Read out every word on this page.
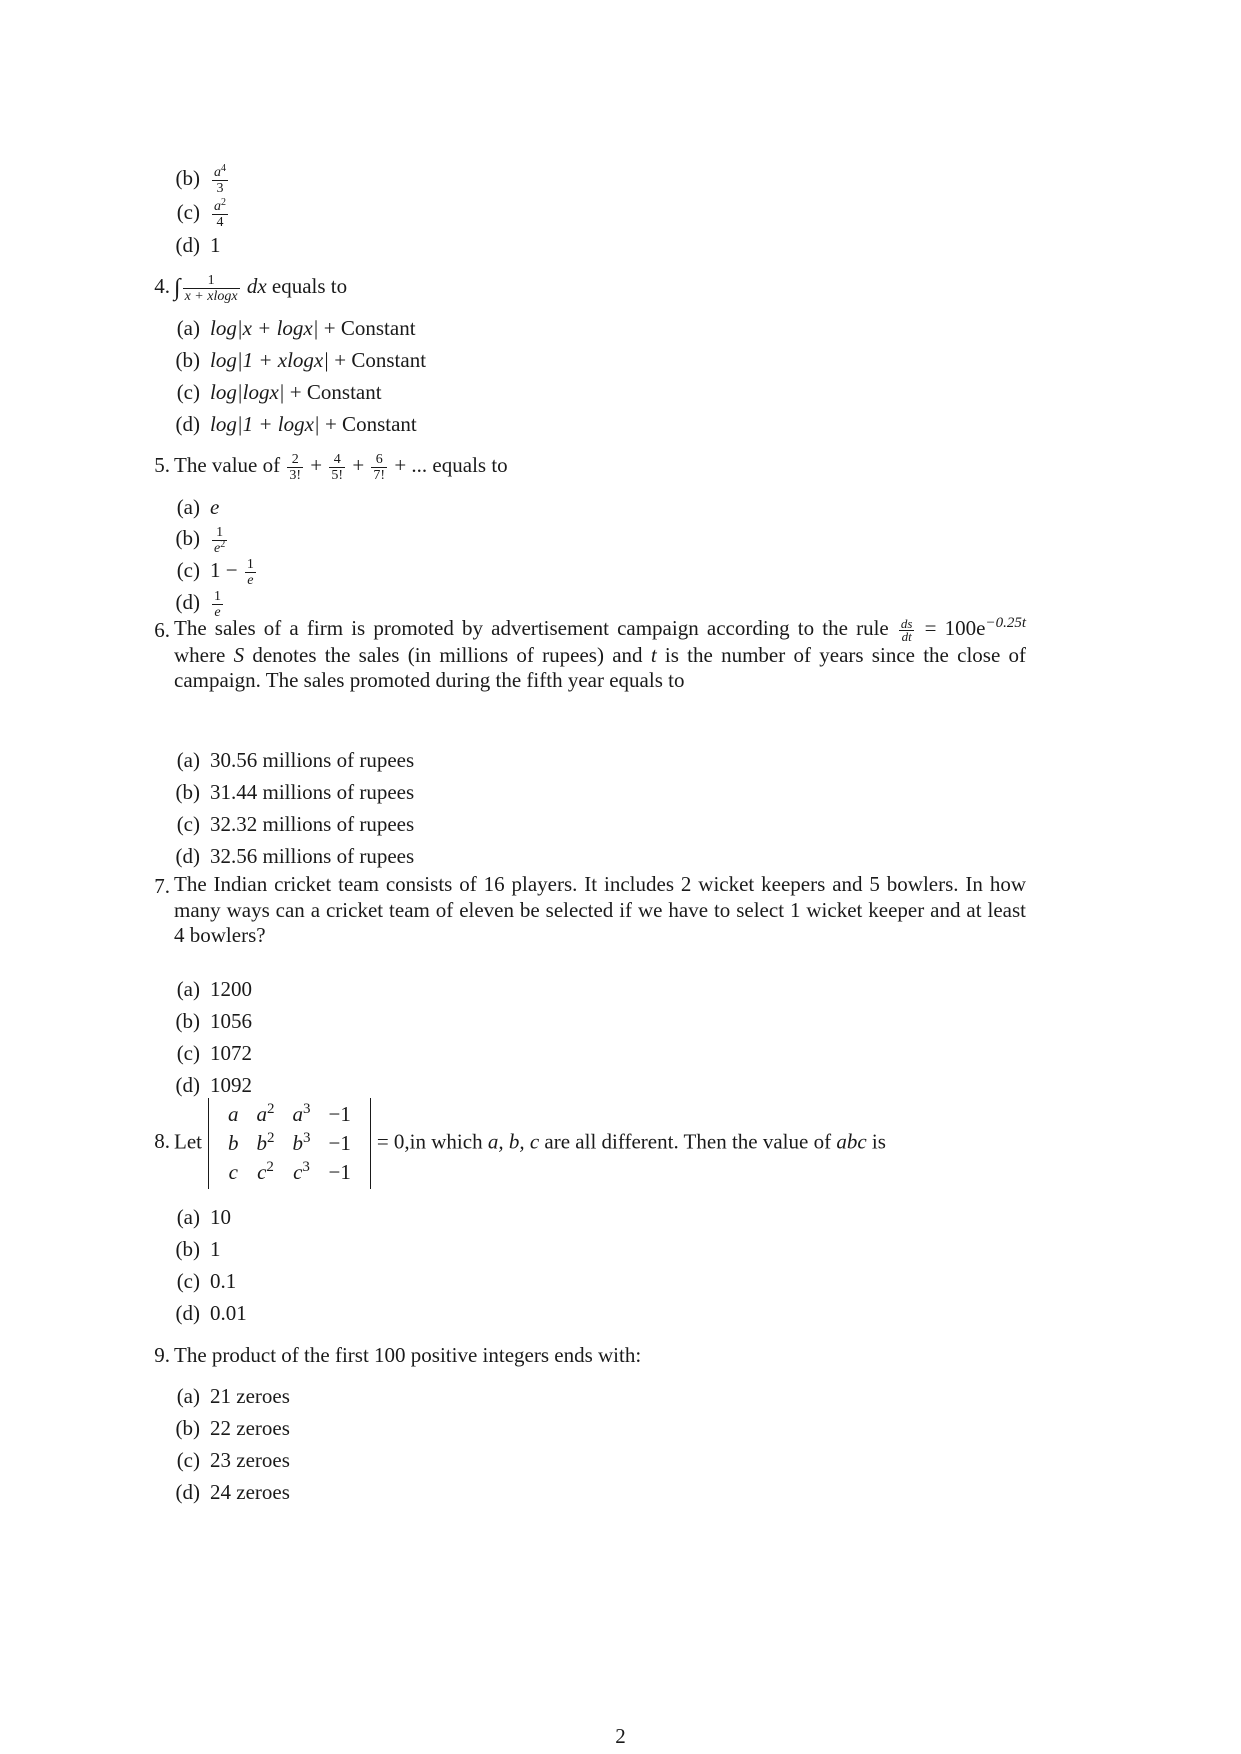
$(b) \frac{a^4}{3}$
$(c) \frac{a^2}{4}$
(d) 1
4. ∫ $\frac{1}{x + xlogx}$ dx equals to
(a) log|x + logx| + Constant
(b) log|1 + xlogx| + Constant
(c) log|logx| + Constant
(d) log|1 + logx| + Constant
5. The value of $\frac{2}{3!} + \frac{4}{5!} + \frac{6}{7!}$ + ... equals to
(a) e
$(b) \frac{1}{e^2}$
(c) $1 - \frac{1}{e}$
$(d) \frac{1}{e}$
6. The sales of a firm is promoted by advertisement campaign according to the rule $\frac{ds}{dt} = 100e^{-0.25t}$ where S denotes the sales (in millions of rupees) and t is the number of years since the close of campaign. The sales promoted during the fifth year equals to
(a) 30.56 millions of rupees
(b) 31.44 millions of rupees
(c) 32.32 millions of rupees
(d) 32.56 millions of rupees
7. The Indian cricket team consists of 16 players. It includes 2 wicket keepers and 5 bowlers. In how many ways can a cricket team of eleven be selected if we have to select 1 wicket keeper and at least 4 bowlers?
(a) 1200
(b) 1056
(c) 1072
(d) 1092
8. Let
a	$a^2$	$a^3$	−1
b	$b^2$	$b^3$	−1
c	$c^2$	$c^3$	−1
= 0,in which a, b, c are all different. Then the value of abc is
(a) 10
(b) 1
(c) 0.1
(d) 0.01
9. The product of the first 100 positive integers ends with:
(a) 21 zeroes
(b) 22 zeroes
(c) 23 zeroes
(d) 24 zeroes
2
